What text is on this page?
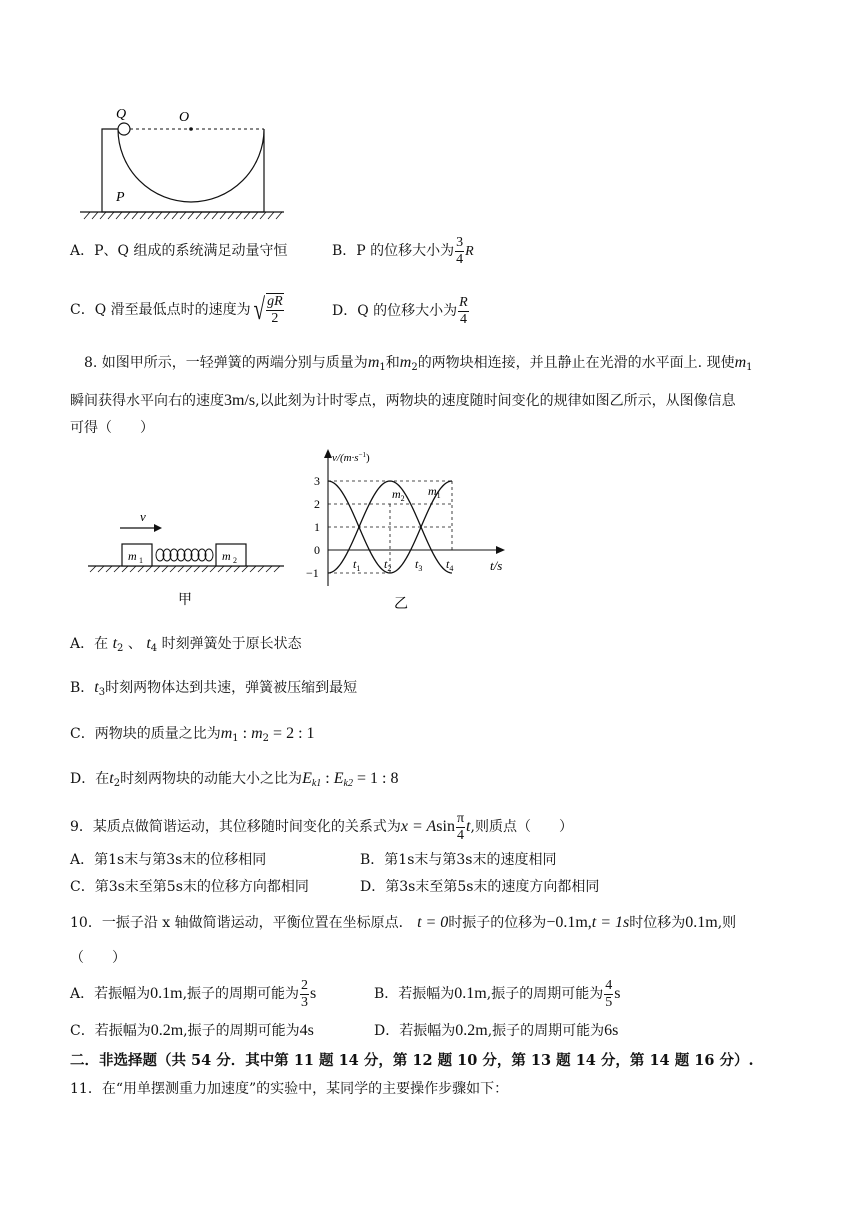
Q	O
P
A．P、Q 组成的系统满足动量守恒	B．P 的位移大小为 $\frac{3}{4}$ R
C．Q 滑至最低点时的速度为√ $\frac{gR}{2}$	D．Q 的位移大小为 $\frac{R}{4}$
8. 如图甲所示，一轻弹簧的两端分别与质量为$m_1$和$m_2$的两物块相连接，并且静止在光滑的水平面上. 现使$m_1$
瞬间获得水平向右的速度3m/s,以此刻为计时零点，两物块的速度随时间变化的规律如图乙所示，从图像信息
可得（　　）
v
m 1	m 2
甲
$v/(m\cdot s^{-1})$
t/s
3
2
1
0
−1
$t_1$ $t_2$ $t_3$ $t_4$
$m_2$
$m_1$
乙
A．在 $t_2$ 、 $t_4$ 时刻弹簧处于原长状态
B．$t_3$时刻两物体达到共速，弹簧被压缩到最短
C．两物块的质量之比为$m_1$ : $m_2 = 2$ : 1
D．在$t_2$时刻两物块的动能大小之比为$E_{k1}$ : $E_{k2} = 1$ : 8
9．某质点做简谐运动，其位移随时间变化的关系式为x = Asin $\frac{\pi}{4} t$,则质点（　　）
A．第1s末与第3s末的位移相同	B．第1s末与第3s末的速度相同
C．第3s末至第5s末的位移方向都相同	D．第3s末至第5s末的速度方向都相同
10．一振子沿 x 轴做简谐运动，平衡位置在坐标原点． t = 0时振子的位移为−0.1m,t = 1s时位移为0.1m,则
（　　）
A．若振幅为0.1m,振子的周期可能为 $\frac{2}{3}$ s	B．若振幅为0.1m,振子的周期可能为 $\frac{4}{5}$ s
C．若振幅为0.2m,振子的周期可能为4s	D．若振幅为0.2m,振子的周期可能为6s
二．非选择题（共 54 分．其中第 11 题 14 分，第 12 题 10 分，第 13 题 14 分，第 14 题 16 分）.
11．在“用单摆测重力加速度”的实验中，某同学的主要操作步骤如下：
